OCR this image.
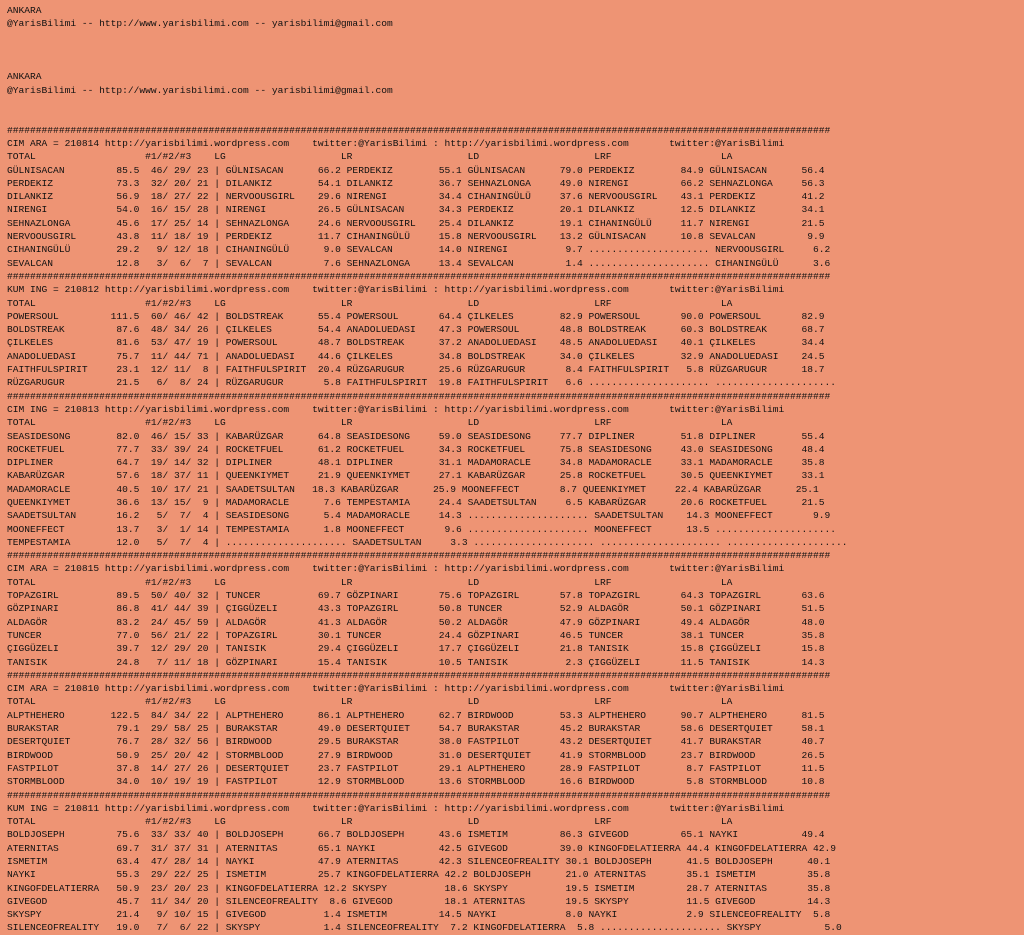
ANKARA
@YarisBilimi -- http://www.yarisbilimi.com -- yarisbilimi@gmail.com
ANKARA
@YarisBilimi -- http://www.yarisbilimi.com -- yarisbilimi@gmail.com
###############################################################################################################################################
CIM ARA = 210814 http://yarisbilimi.wordpress.com    twitter:@YarisBilimi : http://yarisbilimi.wordpress.com       twitter:@YarisBilimi
TOTAL                   #1/#2/#3    LG                    LR                    LD                    LRF                   LA
GÜLNISACAN         85.5  46/ 29/ 23 | GÜLNISACAN      66.2 PERDEKIZ        55.1 GÜLNISACAN      79.0 PERDEKIZ        84.9 GÜLNISACAN      56.4
PERDEKIZ           73.3  32/ 20/ 21 | DILANKIZ        54.1 DILANKIZ        36.7 SEHNAZLONGA     49.0 NIRENGI         66.2 SEHNAZLONGA     56.3
DILANKIZ           56.9  18/ 27/ 22 | NERVOOUSGIRL    29.6 NIRENGI         34.4 CIHANINGÜLÜ     37.6 NERVOOUSGIRL    43.1 PERDEKIZ        41.2
NIRENGI            54.0  16/ 15/ 28 | NIRENGI         26.5 GÜLNISACAN      34.3 PERDEKIZ        20.1 DILANKIZ        12.5 DILANKIZ        34.1
SEHNAZLONGA        45.6  17/ 25/ 14 | SEHNAZLONGA     24.6 NERVOOUSGIRL    25.4 DILANKIZ        19.1 CIHANINGÜLÜ     11.7 NIRENGI         21.5
NERVOOUSGIRL       43.8  11/ 18/ 19 | PERDEKIZ        11.7 CIHANINGÜLÜ     15.8 NERVOOUSGIRL    13.2 GÜLNISACAN      10.8 SEVALCAN         9.9
CIHANINGÜLÜ        29.2   9/ 12/ 18 | CIHANINGÜLÜ      9.0 SEVALCAN        14.0 NIRENGI          9.7 ..................... NERVOOUSGIRL     6.2
SEVALCAN           12.8   3/  6/  7 | SEVALCAN         7.6 SEHNAZLONGA     13.4 SEVALCAN         1.4 ..................... CIHANINGÜLÜ      3.6
###############################################################################################################################################
KUM ING = 210812 http://yarisbilimi.wordpress.com    twitter:@YarisBilimi : http://yarisbilimi.wordpress.com       twitter:@YarisBilimi
TOTAL                   #1/#2/#3    LG                    LR                    LD                    LRF                   LA
POWERSOUL         111.5  60/ 46/ 42 | BOLDSTREAK      55.4 POWERSOUL       64.4 ÇILKELES        82.9 POWERSOUL       90.0 POWERSOUL       82.9
BOLDSTREAK         87.6  48/ 34/ 26 | ÇILKELES        54.4 ANADOLUEDASI    47.3 POWERSOUL       48.8 BOLDSTREAK      60.3 BOLDSTREAK      68.7
ÇILKELES           81.6  53/ 47/ 19 | POWERSOUL       48.7 BOLDSTREAK      37.2 ANADOLUEDASI    48.5 ANADOLUEDASI    40.1 ÇILKELES        34.4
ANADOLUEDASI       75.7  11/ 44/ 71 | ANADOLUEDASI    44.6 ÇILKELES        34.8 BOLDSTREAK      34.0 ÇILKELES        32.9 ANADOLUEDASI    24.5
FAITHFULSPIRIT     23.1  12/ 11/  8 | FAITHFULSPIRIT  20.4 RÜZGARUGUR      25.6 RÜZGARUGUR       8.4 FAITHFULSPIRIT   5.8 RÜZGARUGUR      18.7
RÜZGARUGUR         21.5   6/  8/ 24 | RÜZGARUGUR       5.8 FAITHFULSPIRIT  19.8 FAITHFULSPIRIT   6.6 ..................... .....................
###############################################################################################################################################
CIM ING = 210813 http://yarisbilimi.wordpress.com    twitter:@YarisBilimi : http://yarisbilimi.wordpress.com       twitter:@YarisBilimi
TOTAL                   #1/#2/#3    LG                    LR                    LD                    LRF                   LA
SEASIDESONG        82.0  46/ 15/ 33 | KABARÜZGAR      64.8 SEASIDESONG     59.0 SEASIDESONG     77.7 DIPLINER        51.8 DIPLINER        55.4
ROCKETFUEL         77.7  33/ 39/ 24 | ROCKETFUEL      61.2 ROCKETFUEL      34.3 ROCKETFUEL      75.8 SEASIDESONG     43.0 SEASIDESONG     48.4
DIPLINER           64.7  19/ 14/ 32 | DIPLINER        48.1 DIPLINER        31.1 MADAMORACLE     34.8 MADAMORACLE     33.1 MADAMORACLE     35.8
KABARÜZGAR         57.6  18/ 37/ 11 | QUEENKIYMET     21.9 QUEENKIYMET     27.1 KABARÜZGAR      25.8 ROCKETFUEL      30.5 QUEENKIYMET     33.1
MADAMORACLE        40.5  10/ 17/ 21 | SAADETSULTAN   18.3 KABARÜZGAR      25.9 MOONEFFECT       8.7 QUEENKIYMET     22.4 KABARÜZGAR      25.1
QUEENKIYMET        36.6  13/ 15/  9 | MADAMORACLE      7.6 TEMPESTAMIA     24.4 SAADETSULTAN     6.5 KABARÜZGAR      20.6 ROCKETFUEL      21.5
SAADETSULTAN       16.2   5/  7/  4 | SEASIDESONG      5.4 MADAMORACLE     14.3 ..................... SAADETSULTAN    14.3 MOONEFFECT       9.9
MOONEFFECT         13.7   3/  1/ 14 | TEMPESTAMIA      1.8 MOONEFFECT       9.6 ..................... MOONEFFECT      13.5 .....................
TEMPESTAMIA        12.0   5/  7/  4 | ..................... SAADETSULTAN     3.3 ..................... ..................... .....................
###############################################################################################################################################
CIM ARA = 210815 http://yarisbilimi.wordpress.com    twitter:@YarisBilimi : http://yarisbilimi.wordpress.com       twitter:@YarisBilimi
TOTAL                   #1/#2/#3    LG                    LR                    LD                    LRF                   LA
TOPAZGIRL          89.5  50/ 40/ 32 | TUNCER          69.7 GÖZPINARI       75.6 TOPAZGIRL       57.8 TOPAZGIRL       64.3 TOPAZGIRL       63.6
GÖZPINARI          86.8  41/ 44/ 39 | ÇIGGÜZELI       43.3 TOPAZGIRL       50.8 TUNCER          52.9 ALDAGÖR         50.1 GÖZPINARI       51.5
ALDAGÖR            83.2  24/ 45/ 59 | ALDAGÖR         41.3 ALDAGÖR         50.2 ALDAGÖR         47.9 GÖZPINARI       49.4 ALDAGÖR         48.0
TUNCER             77.0  56/ 21/ 22 | TOPAZGIRL       30.1 TUNCER          24.4 GÖZPINARI       46.5 TUNCER          38.1 TUNCER          35.8
ÇIGGÜZELI          39.7  12/ 29/ 20 | TANISIK         29.4 ÇIGGÜZELI       17.7 ÇIGGÜZELI       21.8 TANISIK         15.8 ÇIGGÜZELI       15.8
TANISIK            24.8   7/ 11/ 18 | GÖZPINARI       15.4 TANISIK         10.5 TANISIK          2.3 ÇIGGÜZELI       11.5 TANISIK         14.3
###############################################################################################################################################
CIM ARA = 210810 http://yarisbilimi.wordpress.com    twitter:@YarisBilimi : http://yarisbilimi.wordpress.com       twitter:@YarisBilimi
TOTAL                   #1/#2/#3    LG                    LR                    LD                    LRF                   LA
ALPTHEHERO        122.5  84/ 34/ 22 | ALPTHEHERO      86.1 ALPTHEHERO      62.7 BIRDWOOD        53.3 ALPTHEHERO      90.7 ALPTHEHERO      81.5
BURAKSTAR          79.1  29/ 58/ 25 | BURAKSTAR       49.0 DESERTQUIET     54.7 BURAKSTAR       45.2 BURAKSTAR       58.6 DESERTQUIET     58.1
DESERTQUIET        76.7  28/ 32/ 56 | BIRDWOOD        29.5 BURAKSTAR       38.0 FASTPILOT       43.2 DESERTQUIET     41.7 BURAKSTAR       40.7
BIRDWOOD           50.9  25/ 20/ 42 | STORMBLOOD      27.9 BIRDWOOD        31.0 DESERTQUIET     41.9 STORMBLOOD      23.7 BIRDWOOD        26.5
FASTPILOT          37.8  14/ 27/ 26 | DESERTQUIET     23.7 FASTPILOT       29.1 ALPTHEHERO      28.9 FASTPILOT        8.7 FASTPILOT       11.5
STORMBLOOD         34.0  10/ 19/ 19 | FASTPILOT       12.9 STORMBLOOD      13.6 STORMBLOOD      16.6 BIRDWOOD         5.8 STORMBLOOD      10.8
###############################################################################################################################################
KUM ING = 210811 http://yarisbilimi.wordpress.com    twitter:@YarisBilimi : http://yarisbilimi.wordpress.com       twitter:@YarisBilimi
TOTAL                   #1/#2/#3    LG                    LR                    LD                    LRF                   LA
BOLDJOSEPH         75.6  33/ 33/ 40 | BOLDJOSEPH      66.7 BOLDJOSEPH      43.6 ISMETIM         86.3 GIVEGOD         65.1 NAYKI           49.4
ATERNITAS          69.7  31/ 37/ 31 | ATERNITAS       65.1 NAYKI           42.5 GIVEGOD         39.0 KINGOFDELATIERRA 44.4 KINGOFDELATIERRA 42.9
ISMETIM            63.4  47/ 28/ 14 | NAYKI           47.9 ATERNITAS       42.3 SILENCEOFREALITY 30.1 BOLDJOSEPH      41.5 BOLDJOSEPH      40.1
NAYKI              55.3  29/ 22/ 25 | ISMETIM         25.7 KINGOFDELATIERRA 42.2 BOLDJOSEPH      21.0 ATERNITAS       35.1 ISMETIM         35.8
KINGOFDELATIERRA   50.9  23/ 20/ 23 | KINGOFDELATIERRA 12.2 SKYSPY          18.6 SKYSPY          19.5 ISMETIM         28.7 ATERNITAS       35.8
GIVEGOD            45.7  11/ 34/ 20 | SILENCEOFREALITY  8.6 GIVEGOD         18.1 ATERNITAS       19.5 SKYSPY          11.5 GIVEGOD         14.3
SKYSPY             21.4   9/ 10/ 15 | GIVEGOD          1.4 ISMETIM         14.5 NAYKI            8.0 NAYKI            2.9 SILENCEOFREALITY  5.8
SILENCEOFREALITY   19.0   7/  6/ 22 | SKYSPY           1.4 SILENCEOFREALITY  7.2 KINGOFDELATIERRA  5.8 ..................... SKYSPY           5.0
